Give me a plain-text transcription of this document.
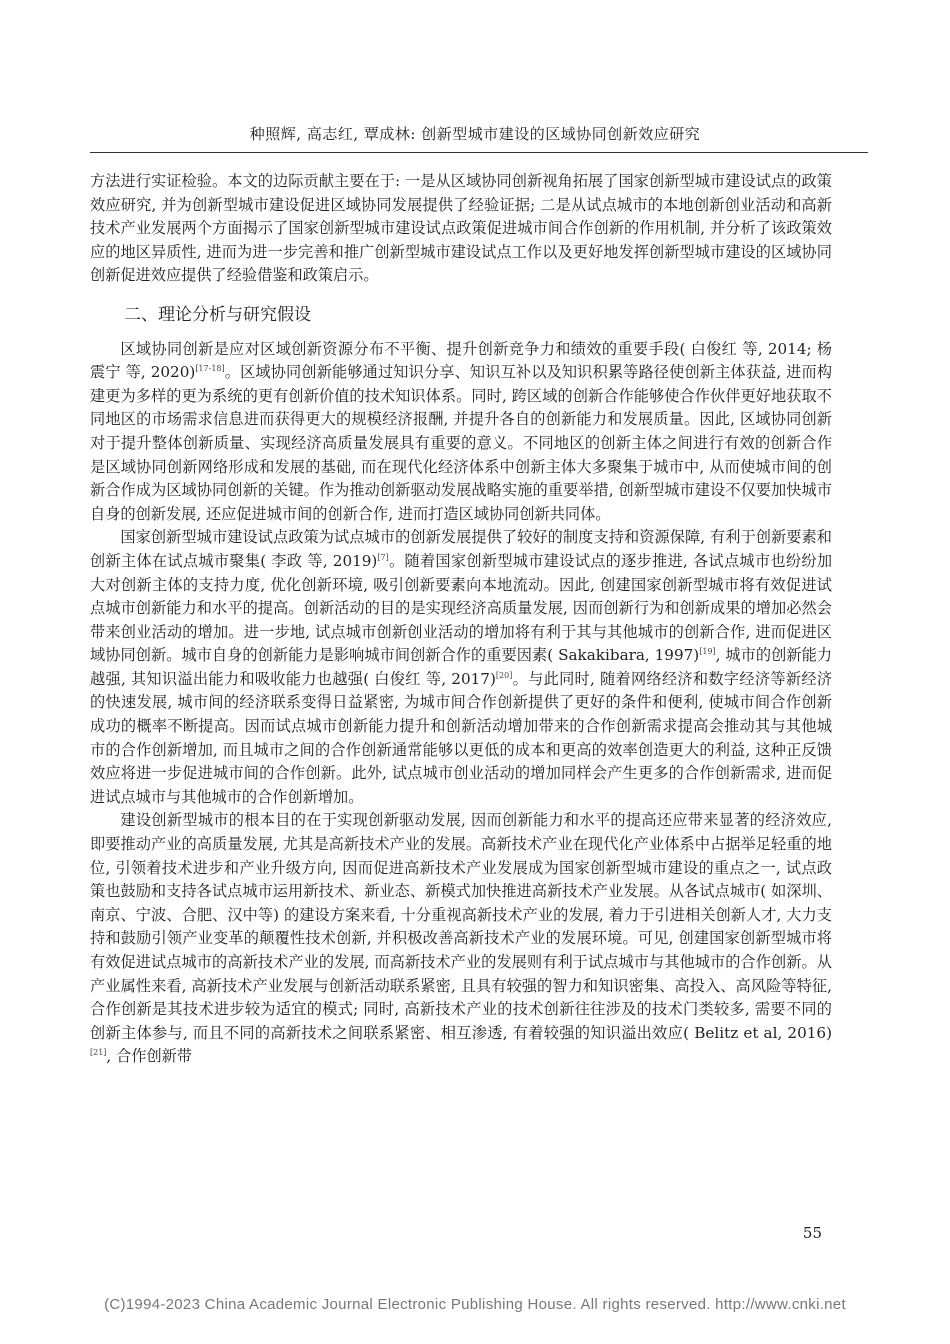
种照辉, 高志红, 覃成林: 创新型城市建设的区域协同创新效应研究

方法进行实证检验。本文的边际贡献主要在于: 一是从区域协同创新视角拓展了国家创新型城市建设试点的政策效应研究, 并为创新型城市建设促进区域协同发展提供了经验证据; 二是从试点城市的本地创新创业活动和高新技术产业发展两个方面揭示了国家创新型城市建设试点政策促进城市间合作创新的作用机制, 并分析了该政策效应的地区异质性, 进而为进一步完善和推广创新型城市建设试点工作以及更好地发挥创新型城市建设的区域协同创新促进效应提供了经验借鉴和政策启示。

二、理论分析与研究假设

区域协同创新是应对区域创新资源分布不平衡、提升创新竞争力和绩效的重要手段( 白俊红 等, 2014; 杨震宁 等, 2020)[17-18]。区域协同创新能够通过知识分享、知识互补以及知识积累等路径使创新主体获益, 进而构建更为多样的更为系统的更有创新价值的技术知识体系。同时, 跨区域的创新合作能够使合作伙伴更好地获取不同地区的市场需求信息进而获得更大的规模经济报酬, 并提升各自的创新能力和发展质量。因此, 区域协同创新对于提升整体创新质量、实现经济高质量发展具有重要的意义。不同地区的创新主体之间进行有效的创新合作是区域协同创新网络形成和发展的基础, 而在现代化经济体系中创新主体大多聚集于城市中, 从而使城市间的创新合作成为区域协同创新的关键。作为推动创新驱动发展战略实施的重要举措, 创新型城市建设不仅要加快城市自身的创新发展, 还应促进城市间的创新合作, 进而打造区域协同创新共同体。

国家创新型城市建设试点政策为试点城市的创新发展提供了较好的制度支持和资源保障, 有利于创新要素和创新主体在试点城市聚集( 李政 等, 2019)[7]。随着国家创新型城市建设试点的逐步推进, 各试点城市也纷纷加大对创新主体的支持力度, 优化创新环境, 吸引创新要素向本地流动。因此, 创建国家创新型城市将有效促进试点城市创新能力和水平的提高。创新活动的目的是实现经济高质量发展, 因而创新行为和创新成果的增加必然会带来创业活动的增加。进一步地, 试点城市创新创业活动的增加将有利于其与其他城市的创新合作, 进而促进区域协同创新。城市自身的创新能力是影响城市间创新合作的重要因素( Sakakibara, 1997)[19], 城市的创新能力越强, 其知识溢出能力和吸收能力也越强( 白俊红 等, 2017)[20]。与此同时, 随着网络经济和数字经济等新经济的快速发展, 城市间的经济联系变得日益紧密, 为城市间合作创新提供了更好的条件和便利, 使城市间合作创新成功的概率不断提高。因而试点城市创新能力提升和创新活动增加带来的合作创新需求提高会推动其与其他城市的合作创新增加, 而且城市之间的合作创新通常能够以更低的成本和更高的效率创造更大的利益, 这种正反馈效应将进一步促进城市间的合作创新。此外, 试点城市创业活动的增加同样会产生更多的合作创新需求, 进而促进试点城市与其他城市的合作创新增加。

建设创新型城市的根本目的在于实现创新驱动发展, 因而创新能力和水平的提高还应带来显著的经济效应, 即要推动产业的高质量发展, 尤其是高新技术产业的发展。高新技术产业在现代化产业体系中占据举足轻重的地位, 引领着技术进步和产业升级方向, 因而促进高新技术产业发展成为国家创新型城市建设的重点之一, 试点政策也鼓励和支持各试点城市运用新技术、新业态、新模式加快推进高新技术产业发展。从各试点城市( 如深圳、南京、宁波、合肥、汉中等) 的建设方案来看, 十分重视高新技术产业的发展, 着力于引进相关创新人才, 大力支持和鼓励引领产业变革的颠覆性技术创新, 并积极改善高新技术产业的发展环境。可见, 创建国家创新型城市将有效促进试点城市的高新技术产业的发展, 而高新技术产业的发展则有利于试点城市与其他城市的合作创新。从产业属性来看, 高新技术产业发展与创新活动联系紧密, 且具有较强的智力和知识密集、高投入、高风险等特征, 合作创新是其技术进步较为适宜的模式; 同时, 高新技术产业的技术创新往往涉及的技术门类较多, 需要不同的创新主体参与, 而且不同的高新技术之间联系紧密、相互渗透, 有着较强的知识溢出效应( Belitz et al, 2016)[21], 合作创新带

55
(C)1994-2023 China Academic Journal Electronic Publishing House. All rights reserved. http://www.cnki.net
